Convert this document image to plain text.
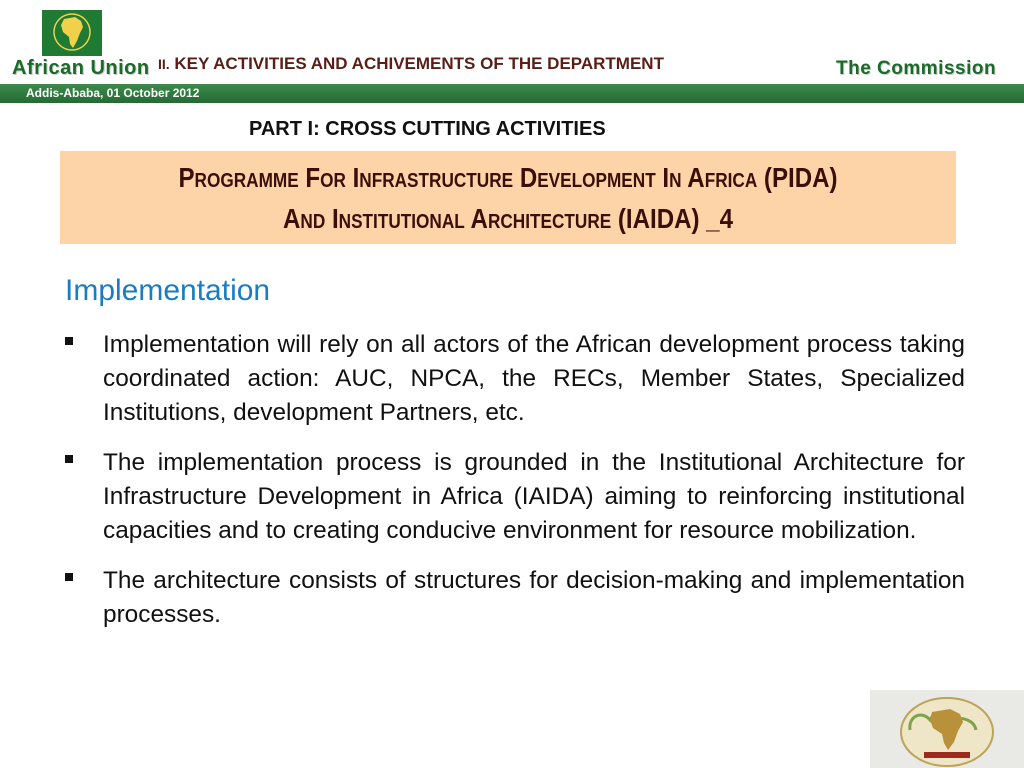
African Union II. KEY ACTIVITIES AND ACHIVEMENTS OF THE DEPARTMENT	The Commission
Addis-Ababa, 01 October 2012
PART I: CROSS CUTTING ACTIVITIES
Programme For Infrastructure Development In Africa (PIDA)
And Institutional Architecture (IAIDA) _4
Implementation
Implementation will rely on all actors of the African development process taking coordinated action: AUC, NPCA, the RECs, Member States, Specialized Institutions, development Partners, etc.
The implementation process is grounded in the Institutional Architecture for Infrastructure Development in Africa (IAIDA) aiming to reinforcing institutional capacities and to creating conducive environment for resource mobilization.
The architecture consists of structures for decision-making and implementation processes.
